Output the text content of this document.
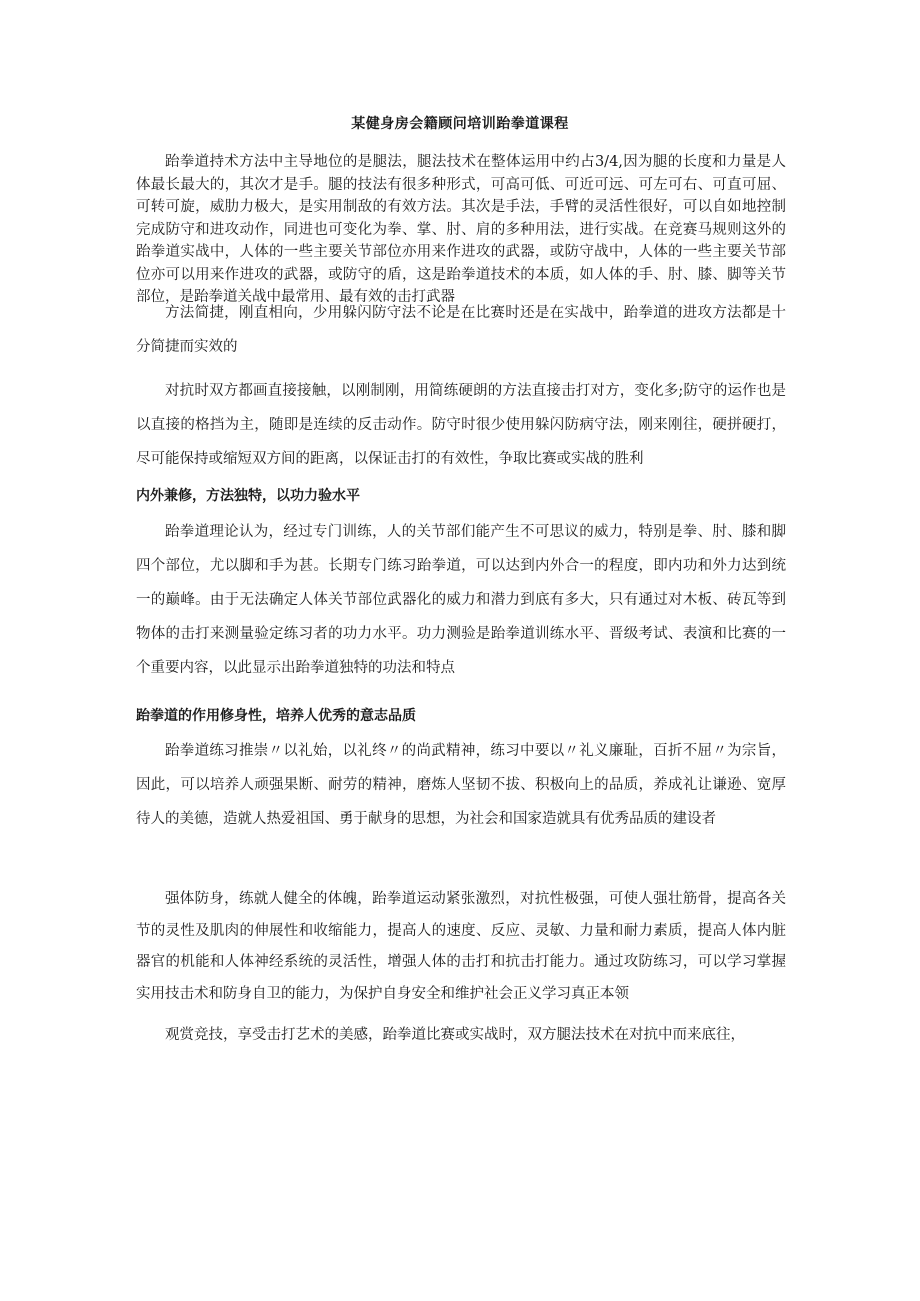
某健身房会籍顾问培训跆拳道课程

跆拳道持术方法中主导地位的是腿法，腿法技术在整体运用中约占3/4,因为腿的长度和力量是人体最长最大的，其次才是手。腿的技法有很多种形式，可高可低、可近可远、可左可右、可直可屈、可转可旋，威肋力极大，是实用制敌的有效方法。其次是手法，手臂的灵活性很好，可以自如地控制完成防守和进攻动作，同进也可变化为拳、掌、肘、肩的多种用法，进行实战。在竞赛马规则这外的跆拳道实战中，人体的一些主要关节部位亦用来作进攻的武器，或防守战中，人体的一些主要关节部位亦可以用来作进攻的武器，或防守的盾，这是跆拳道技术的本质，如人体的手、肘、膝、脚等关节部位，是跆拳道关战中最常用、最有效的击打武器

方法简捷，刚直相向，少用躲闪防守法不论是在比赛时还是在实战中，跆拳道的进攻方法都是十分简捷而实效的

对抗时双方都画直接接触，以刚制刚，用简练硬朗的方法直接击打对方，变化多;防守的运作也是以直接的格挡为主，随即是连续的反击动作。防守时很少使用躲闪防病守法，刚来刚往，硬拼硬打，尽可能保持或缩短双方间的距离，以保证击打的有效性，争取比赛或实战的胜利

内外兼修，方法独特，以功力验水平

跆拳道理论认为，经过专门训练，人的关节部们能产生不可思议的威力，特别是拳、肘、膝和脚四个部位，尤以脚和手为甚。长期专门练习跆拳道，可以达到内外合一的程度，即内功和外力达到统一的巅峰。由于无法确定人体关节部位武器化的威力和潜力到底有多大，只有通过对木板、砖瓦等到物体的击打来测量验定练习者的功力水平。功力测验是跆拳道训练水平、晋级考试、表演和比赛的一个重要内容，以此显示出跆拳道独特的功法和特点

跆拳道的作用修身性，培养人优秀的意志品质

跆拳道练习推崇〃以礼始，以礼终〃的尚武精神，练习中要以〃礼义廉耻，百折不屈〃为宗旨，因此，可以培养人顽强果断、耐劳的精神，磨炼人坚韧不拔、积极向上的品质，养成礼让谦逊、宽厚待人的美德，造就人热爱祖国、勇于献身的思想，为社会和国家造就具有优秀品质的建设者

强体防身，练就人健全的体魄，跆拳道运动紧张激烈，对抗性极强，可使人强壮筋骨，提高各关节的灵性及肌肉的伸展性和收缩能力，提高人的速度、反应、灵敏、力量和耐力素质，提高人体内脏器官的机能和人体神经系统的灵活性，增强人体的击打和抗击打能力。通过攻防练习，可以学习掌握实用技击术和防身自卫的能力，为保护自身安全和维护社会正义学习真正本领

观赏竞技，享受击打艺术的美感，跆拳道比赛或实战时，双方腿法技术在对抗中而来底往，
